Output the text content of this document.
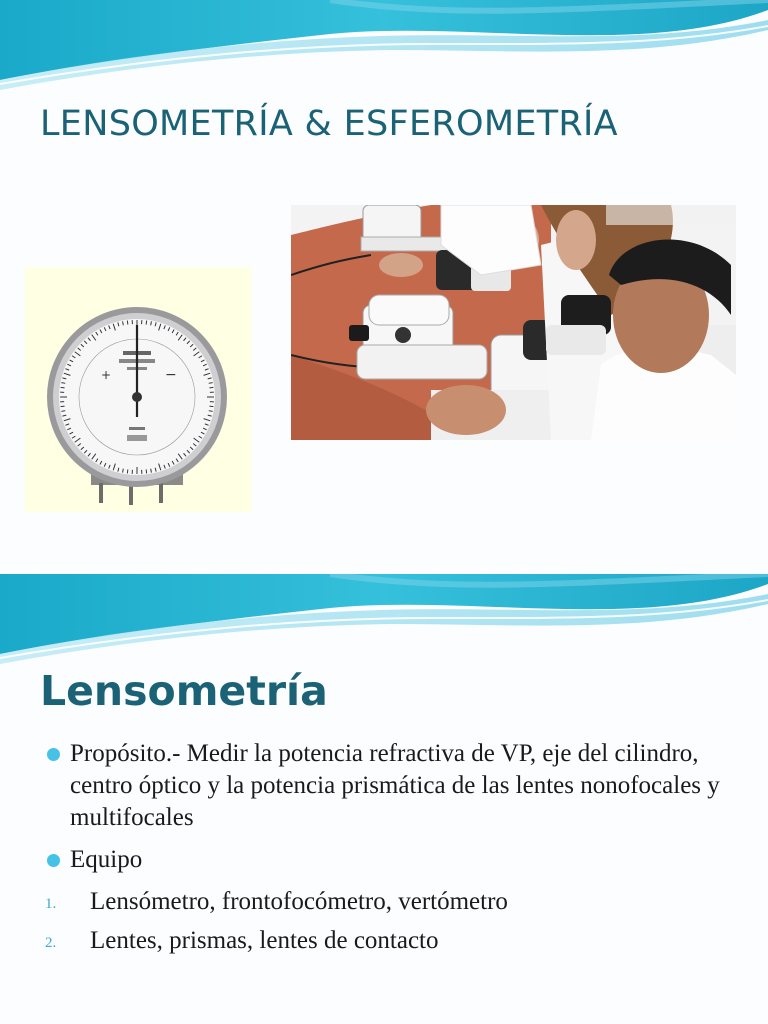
LENSOMETRÍA & ESFEROMETRÍA
+	−
Lensometría
Propósito.- Medir la potencia refractiva de VP, eje del cilindro, centro óptico y la potencia prismática de las lentes nonofocales y multifocales
Equipo
1. Lensómetro, frontofocómetro, vertómetro
2. Lentes, prismas, lentes de contacto
